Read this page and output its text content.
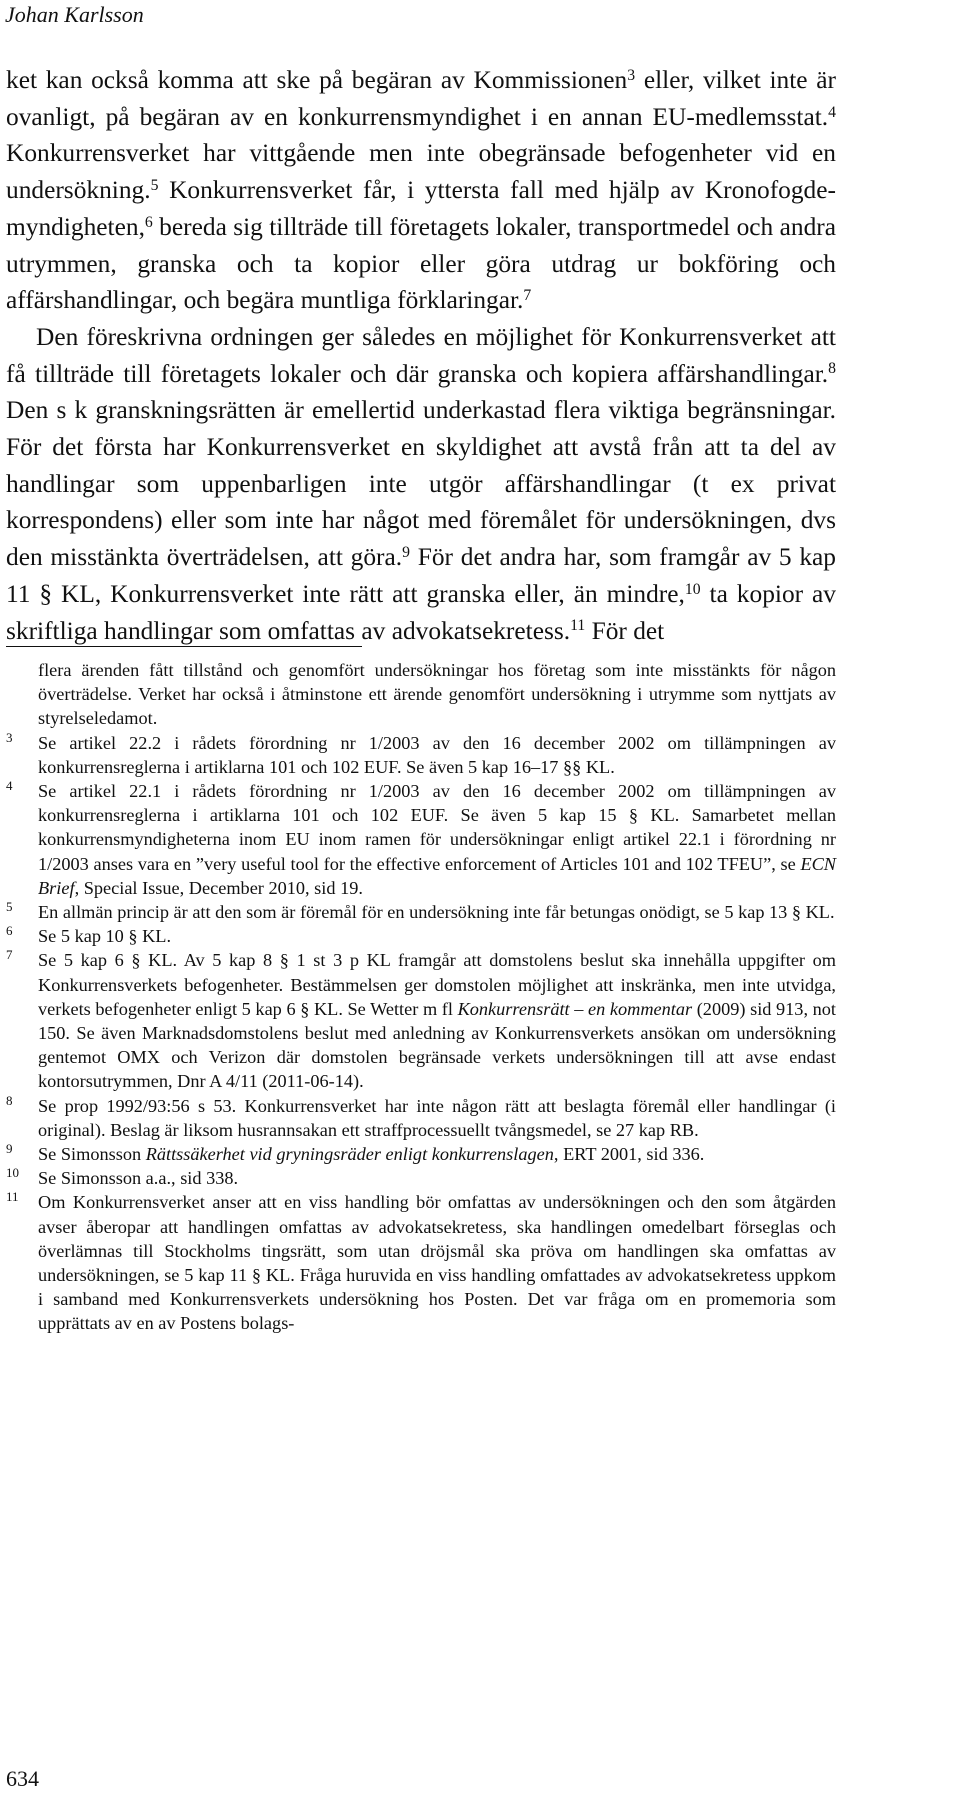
Johan Karlsson

ket kan också komma att ske på begäran av Kommissionen$^3$ eller, vilket inte är ovanligt, på begäran av en konkurrensmyndighet i en annan EU-medlemsstat.$^4$ Konkurrensverket har vittgående men inte obegränsade befogenheter vid en undersökning.$^5$ Konkurrensverket får, i yttersta fall med hjälp av Kronofogdemyndigheten,$^6$ bereda sig tillträde till företagets lokaler, transportmedel och andra utrymmen, granska och ta kopior eller göra utdrag ur bokföring och affärshandlingar, och begära muntliga förklaringar.$^7$

Den föreskrivna ordningen ger således en möjlighet för Konkurrensverket att få tillträde till företagets lokaler och där granska och kopiera affärshandlingar.$^8$ Den s k granskningsrätten är emellertid underkastad flera viktiga begränsningar. För det första har Konkurrensverket en skyldighet att avstå från att ta del av handlingar som uppenbarligen inte utgör affärshandlingar (t ex privat korrespondens) eller som inte har något med föremålet för undersökningen, dvs den misstänkta överträdelsen, att göra.$^9$ För det andra har, som framgår av 5 kap 11 § KL, Konkurrensverket inte rätt att granska eller, än mindre,$^{10}$ ta kopior av skriftliga handlingar som omfattas av advokatsekretess.$^{11}$ För det

flera ärenden fått tillstånd och genomfört undersökningar hos företag som inte misstänkts för någon överträdelse. Verket har också i åtminstone ett ärende genomfört undersökning i utrymme som nyttjats av styrelseledamot.
3 Se artikel 22.2 i rådets förordning nr 1/2003 av den 16 december 2002 om tillämpningen av konkurrensreglerna i artiklarna 101 och 102 EUF. Se även 5 kap 16–17 §§ KL.
4 Se artikel 22.1 i rådets förordning nr 1/2003 av den 16 december 2002 om tillämpningen av konkurrensreglerna i artiklarna 101 och 102 EUF. Se även 5 kap 15 § KL. Samarbetet mellan konkurrensmyndigheterna inom EU inom ramen för undersökningar enligt artikel 22.1 i förordning nr 1/2003 anses vara en ”very useful tool for the effective enforcement of Articles 101 and 102 TFEU”, se ECN Brief, Special Issue, December 2010, sid 19.
5 En allmän princip är att den som är föremål för en undersökning inte får betungas onödigt, se 5 kap 13 § KL.
6 Se 5 kap 10 § KL.
7 Se 5 kap 6 § KL. Av 5 kap 8 § 1 st 3 p KL framgår att domstolens beslut ska innehålla uppgifter om Konkurrensverkets befogenheter. Bestämmelsen ger domstolen möjlighet att inskränka, men inte utvidga, verkets befogenheter enligt 5 kap 6 § KL. Se Wetter m fl Konkurrensrätt – en kommentar (2009) sid 913, not 150. Se även Marknadsdomstolens beslut med anledning av Konkurrensverkets ansökan om undersökning gentemot OMX och Verizon där domstolen begränsade verkets undersökningen till att avse endast kontorsutrymmen, Dnr A 4/11 (2011-06-14).
8 Se prop 1992/93:56 s 53. Konkurrensverket har inte någon rätt att beslagta föremål eller handlingar (i original). Beslag är liksom husrannsakan ett straffprocessuellt tvångsmedel, se 27 kap RB.
9 Se Simonsson Rättssäkerhet vid gryningsräder enligt konkurrenslagen, ERT 2001, sid 336.
10 Se Simonsson a.a., sid 338.
11 Om Konkurrensverket anser att en viss handling bör omfattas av undersökningen och den som åtgärden avser åberopar att handlingen omfattas av advokatsekretess, ska handlingen omedelbart förseglas och överlämnas till Stockholms tingsrätt, som utan dröjsmål ska pröva om handlingen ska omfattas av undersökningen, se 5 kap 11 § KL. Fråga huruvida en viss handling omfattades av advokatsekretess uppkom i samband med Konkurrensverkets undersökning hos Posten. Det var fråga om en promemoria som upprättats av en av Postens bolags-
634
